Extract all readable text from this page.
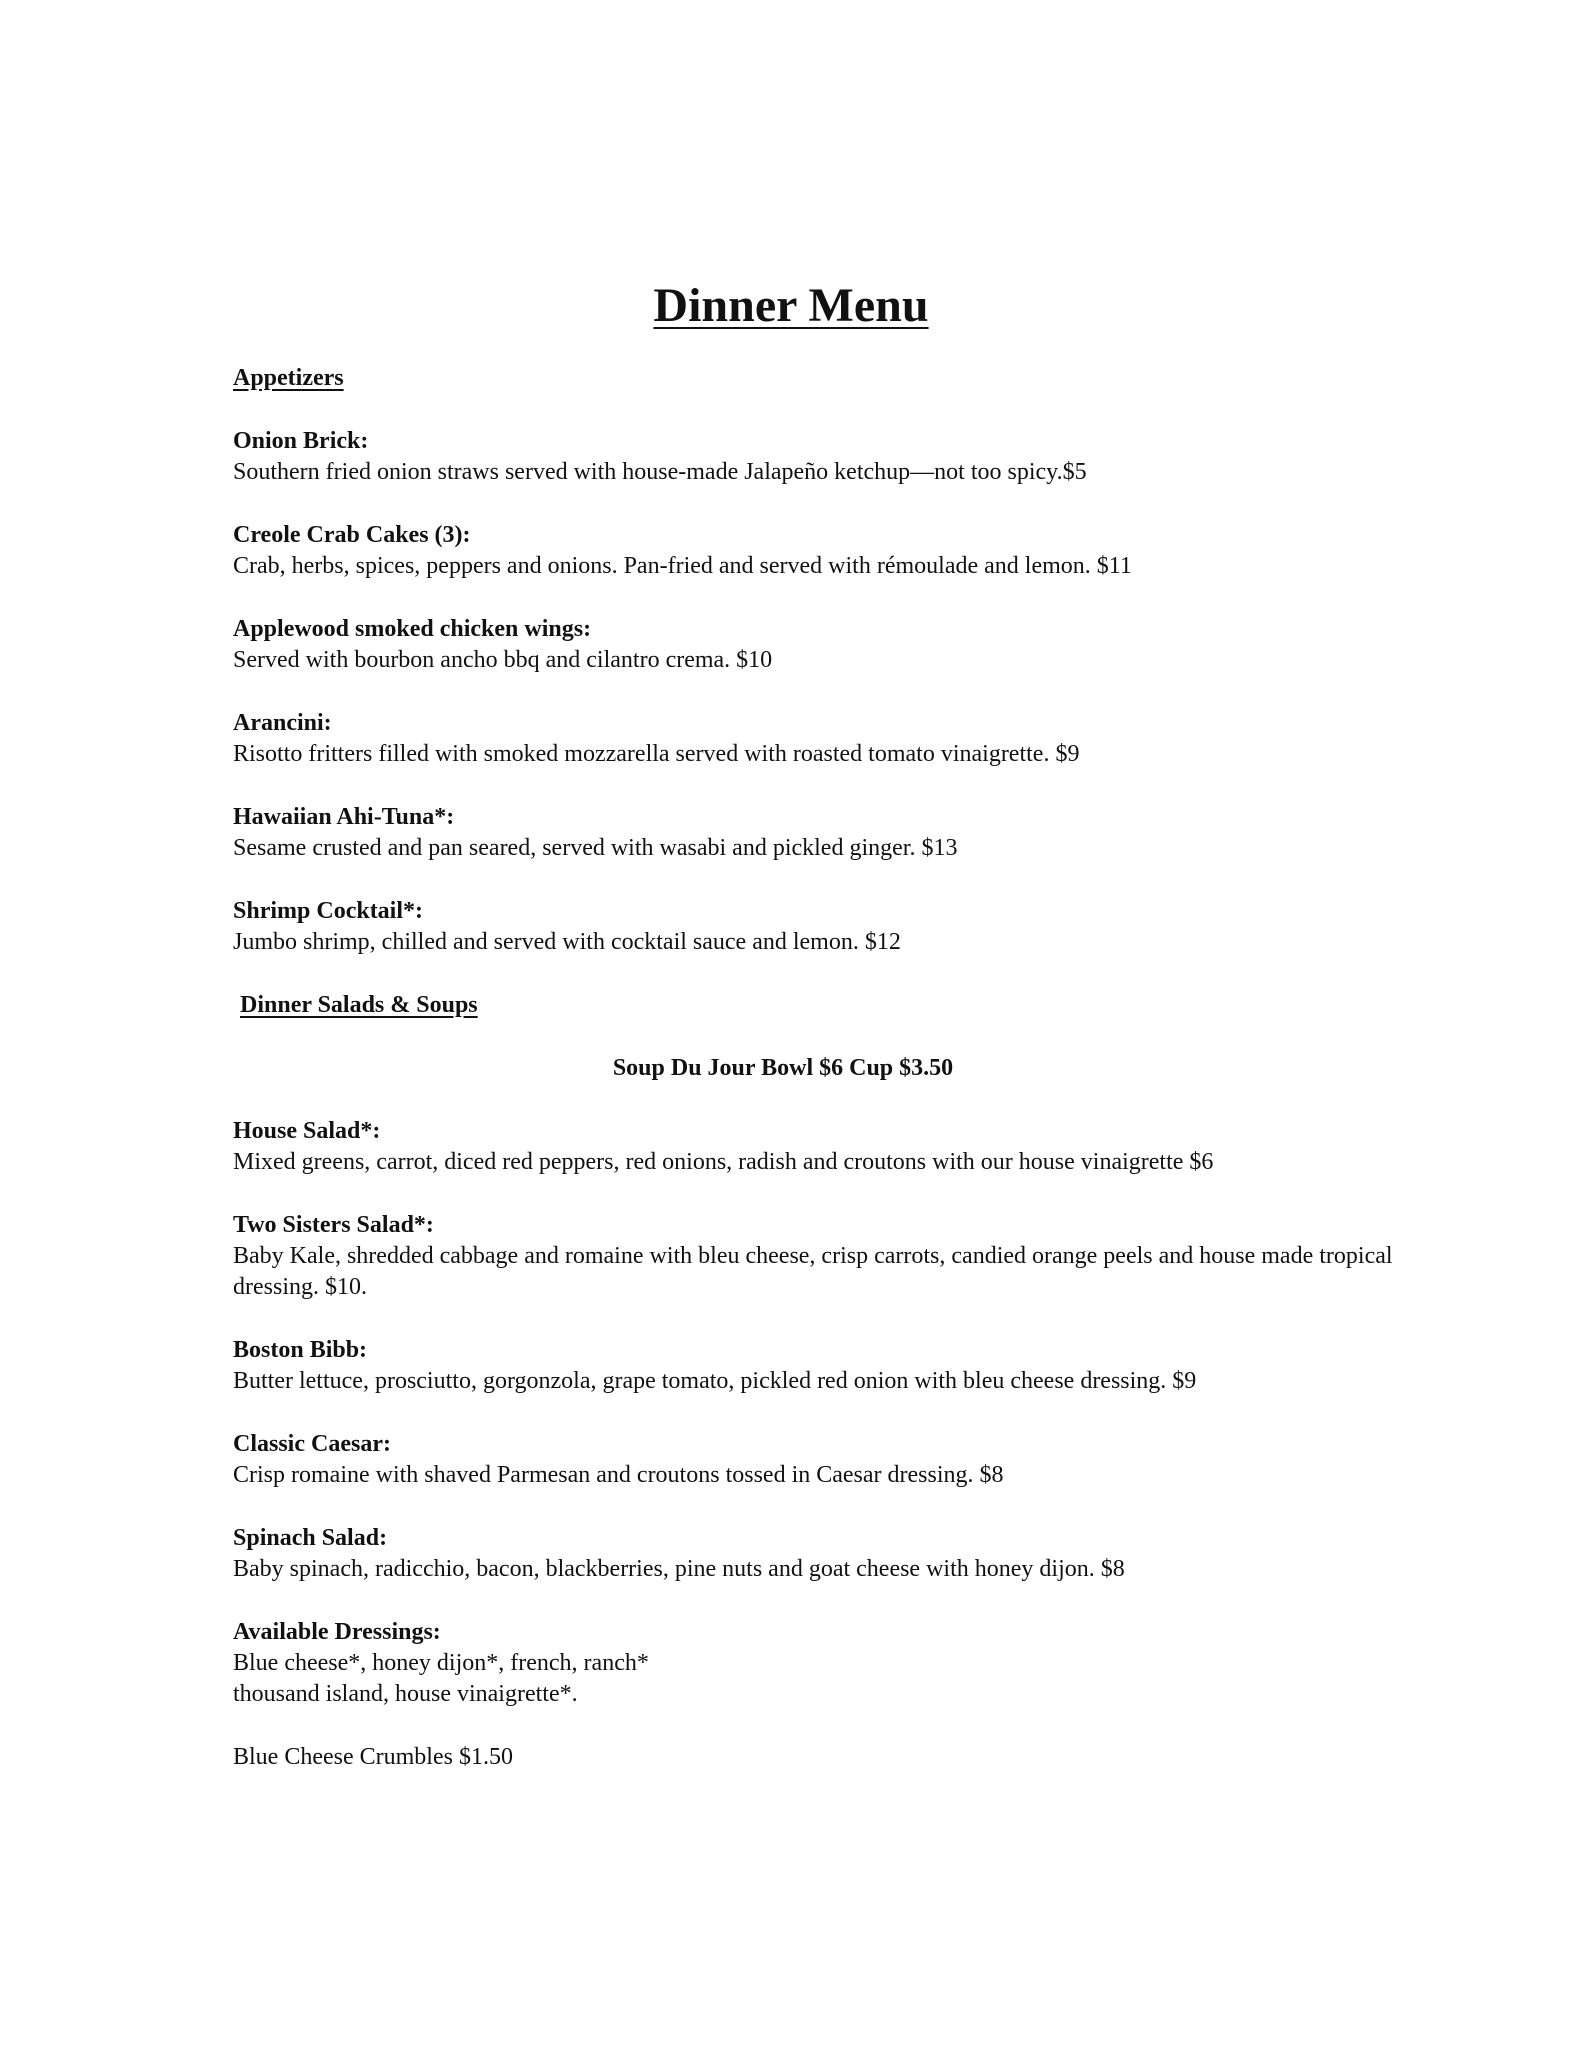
Dinner Menu
Appetizers
Onion Brick:
Southern fried onion straws served with house-made Jalapeño ketchup—not too spicy.$5
Creole Crab Cakes (3):
Crab, herbs, spices, peppers and onions. Pan-fried and served with rémoulade and lemon. $11
Applewood smoked chicken wings:
Served with bourbon ancho bbq and cilantro crema. $10
Arancini:
Risotto fritters filled with smoked mozzarella served with roasted tomato vinaigrette. $9
Hawaiian Ahi-Tuna*:
Sesame crusted and pan seared, served with wasabi and pickled ginger. $13
Shrimp Cocktail*:
Jumbo shrimp, chilled and served with cocktail sauce and lemon. $12
Dinner Salads & Soups
Soup Du Jour Bowl $6 Cup $3.50
House Salad*:
Mixed greens, carrot, diced red peppers, red onions, radish and croutons with our house vinaigrette $6
Two Sisters Salad*:
Baby Kale, shredded cabbage and romaine with bleu cheese, crisp carrots, candied orange peels and house made tropical dressing. $10.
Boston Bibb:
Butter lettuce, prosciutto, gorgonzola, grape tomato, pickled red onion with bleu cheese dressing. $9
Classic Caesar:
Crisp romaine with shaved Parmesan and croutons tossed in Caesar dressing. $8
Spinach Salad:
Baby spinach, radicchio, bacon, blackberries, pine nuts and goat cheese with honey dijon. $8
Available Dressings:
Blue cheese*, honey dijon*, french, ranch*
thousand island, house vinaigrette*.
Blue Cheese Crumbles $1.50
